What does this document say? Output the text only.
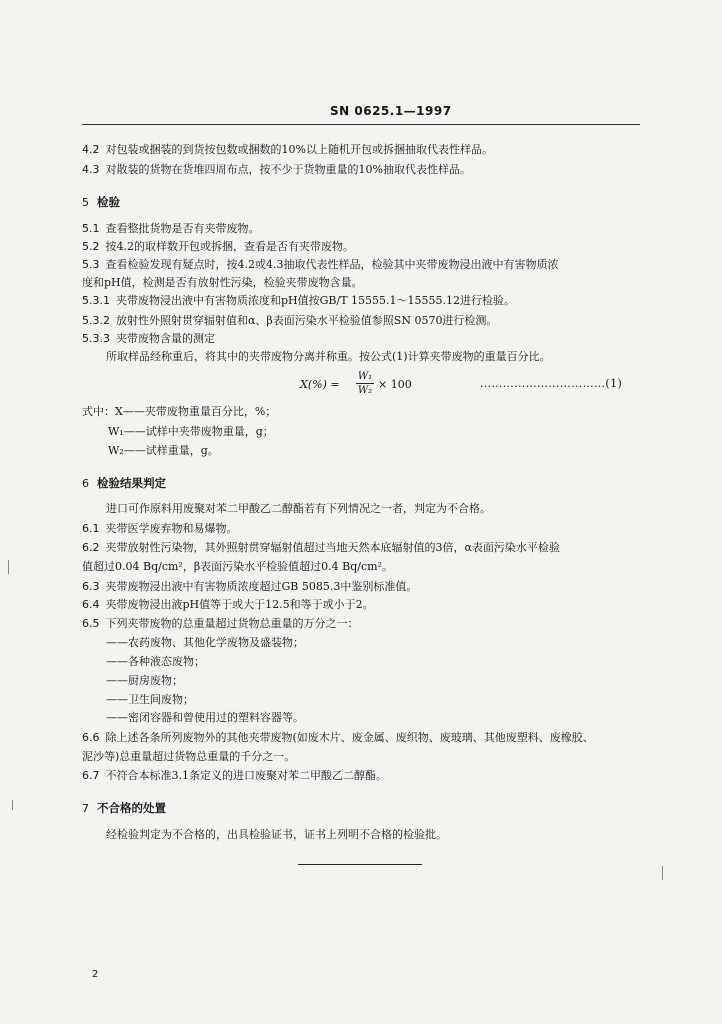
SN 0625.1—1997
4.2 对包装或捆装的到货按包数或捆数的10%以上随机开包或拆捆抽取代表性样品。
4.3 对散装的货物在货堆四周布点，按不少于货物重量的10%抽取代表性样品。
5 检验
5.1 查看整批货物是否有夹带废物。
5.2 按4.2的取样数开包或拆捆，查看是否有夹带废物。
5.3 查看检验发现有疑点时，按4.2或4.3抽取代表性样品，检验其中夹带废物浸出液中有害物质浓
度和pH值，检测是否有放射性污染，检验夹带废物含量。
5.3.1 夹带废物浸出液中有害物质浓度和pH值按GB/T 15555.1～15555.12进行检验。
5.3.2 放射性外照射贯穿辐射值和α、β表面污染水平检验值参照SN 0570进行检测。
5.3.3 夹带废物含量的测定
所取样品经称重后，将其中的夹带废物分离并称重。按公式(1)计算夹带废物的重量百分比。
$X(\%) = \frac{\text{W₁}}{\text{W₂}} \times 100$	……………………………(1)
式中：X——夹带废物重量百分比，%；
W₁——试样中夹带废物重量，g；
W₂——试样重量，g。
6 检验结果判定
进口可作原料用废聚对苯二甲酸乙二醇酯若有下列情况之一者，判定为不合格。
6.1 夹带医学废弃物和易爆物。
6.2 夹带放射性污染物，其外照射贯穿辐射值超过当地天然本底辐射值的3倍，α表面污染水平检验
值超过0.04 Bq/cm²，β表面污染水平检验值超过0.4 Bq/cm²。
6.3 夹带废物浸出液中有害物质浓度超过GB 5085.3中鉴别标准值。
6.4 夹带废物浸出液pH值等于或大于12.5和等于或小于2。
6.5 下列夹带废物的总重量超过货物总重量的万分之一：
——农药废物、其他化学废物及盛装物；
——各种液态废物；
——厨房废物；
——卫生间废物；
——密闭容器和曾使用过的塑料容器等。
6.6 除上述各条所列废物外的其他夹带废物(如废木片、废金属、废织物、废玻璃、其他废塑料、废橡胶、
泥沙等)总重量超过货物总重量的千分之一。
6.7 不符合本标准3.1条定义的进口废聚对苯二甲酸乙二醇酯。
7 不合格的处置
经检验判定为不合格的，出具检验证书，证书上列明不合格的检验批。
2
